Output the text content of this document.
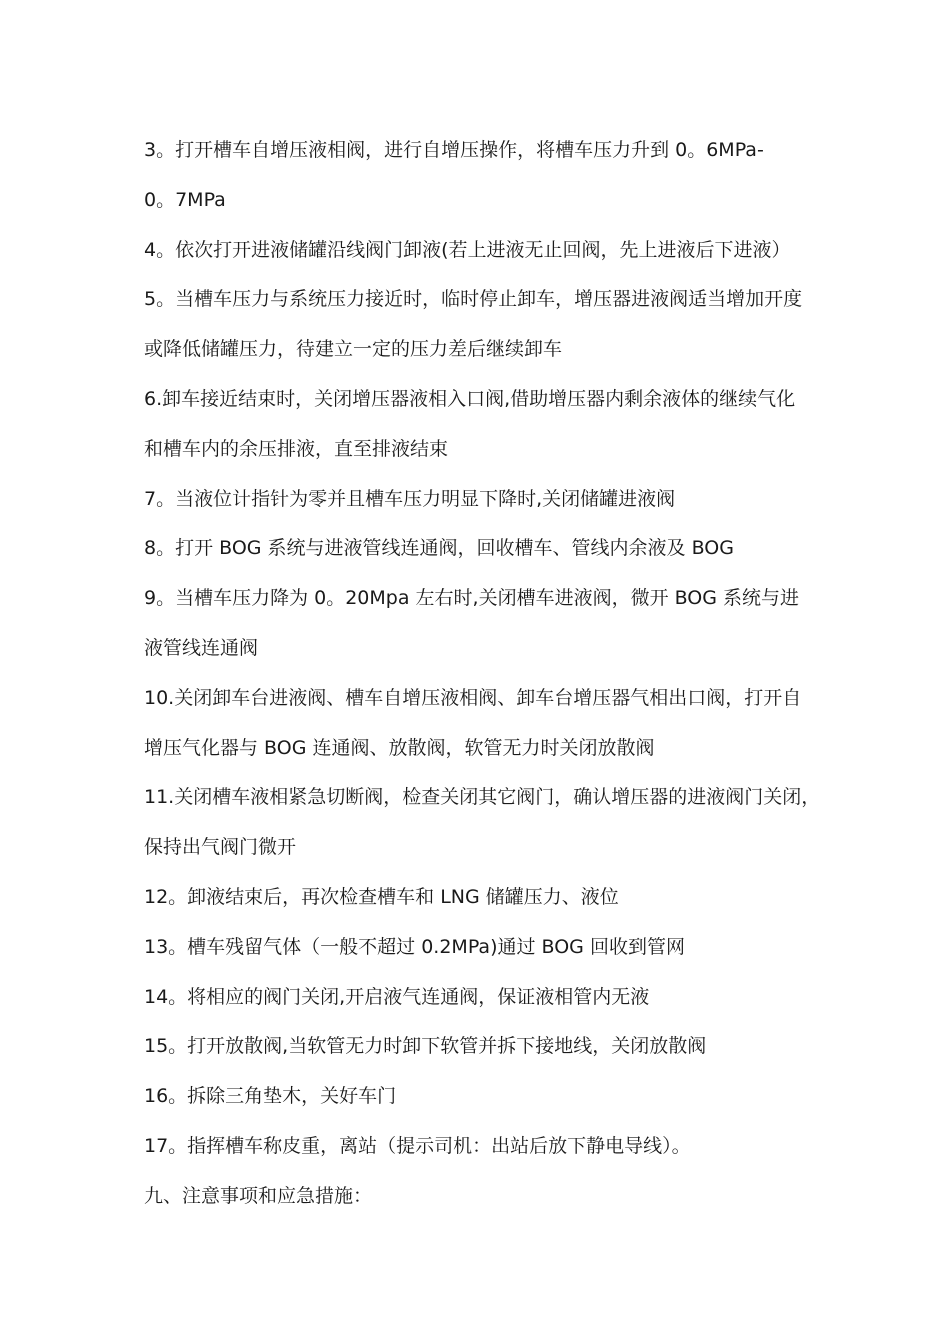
3。打开槽车自增压液相阀，进行自增压操作，将槽车压力升到 0。6MPa-
0。7MPa
4。依次打开进液储罐沿线阀门卸液(若上进液无止回阀，先上进液后下进液）
5。当槽车压力与系统压力接近时，临时停止卸车，增压器进液阀适当增加开度
或降低储罐压力，待建立一定的压力差后继续卸车
6.卸车接近结束时，关闭增压器液相入口阀,借助增压器内剩余液体的继续气化
和槽车内的余压排液，直至排液结束
7。当液位计指针为零并且槽车压力明显下降时,关闭储罐进液阀
8。打开 BOG 系统与进液管线连通阀，回收槽车、管线内余液及 BOG
9。当槽车压力降为 0。20Mpa 左右时,关闭槽车进液阀，微开 BOG 系统与进
液管线连通阀
10.关闭卸车台进液阀、槽车自增压液相阀、卸车台增压器气相出口阀，打开自
增压气化器与 BOG 连通阀、放散阀，软管无力时关闭放散阀
11.关闭槽车液相紧急切断阀，检查关闭其它阀门，确认增压器的进液阀门关闭，
保持出气阀门微开
12。卸液结束后，再次检查槽车和 LNG 储罐压力、液位
13。槽车残留气体（一般不超过 0.2MPa)通过 BOG 回收到管网
14。将相应的阀门关闭,开启液气连通阀，保证液相管内无液
15。打开放散阀,当软管无力时卸下软管并拆下接地线，关闭放散阀
16。拆除三角垫木，关好车门
17。指挥槽车称皮重，离站（提示司机：出站后放下静电导线）。
九、注意事项和应急措施：
